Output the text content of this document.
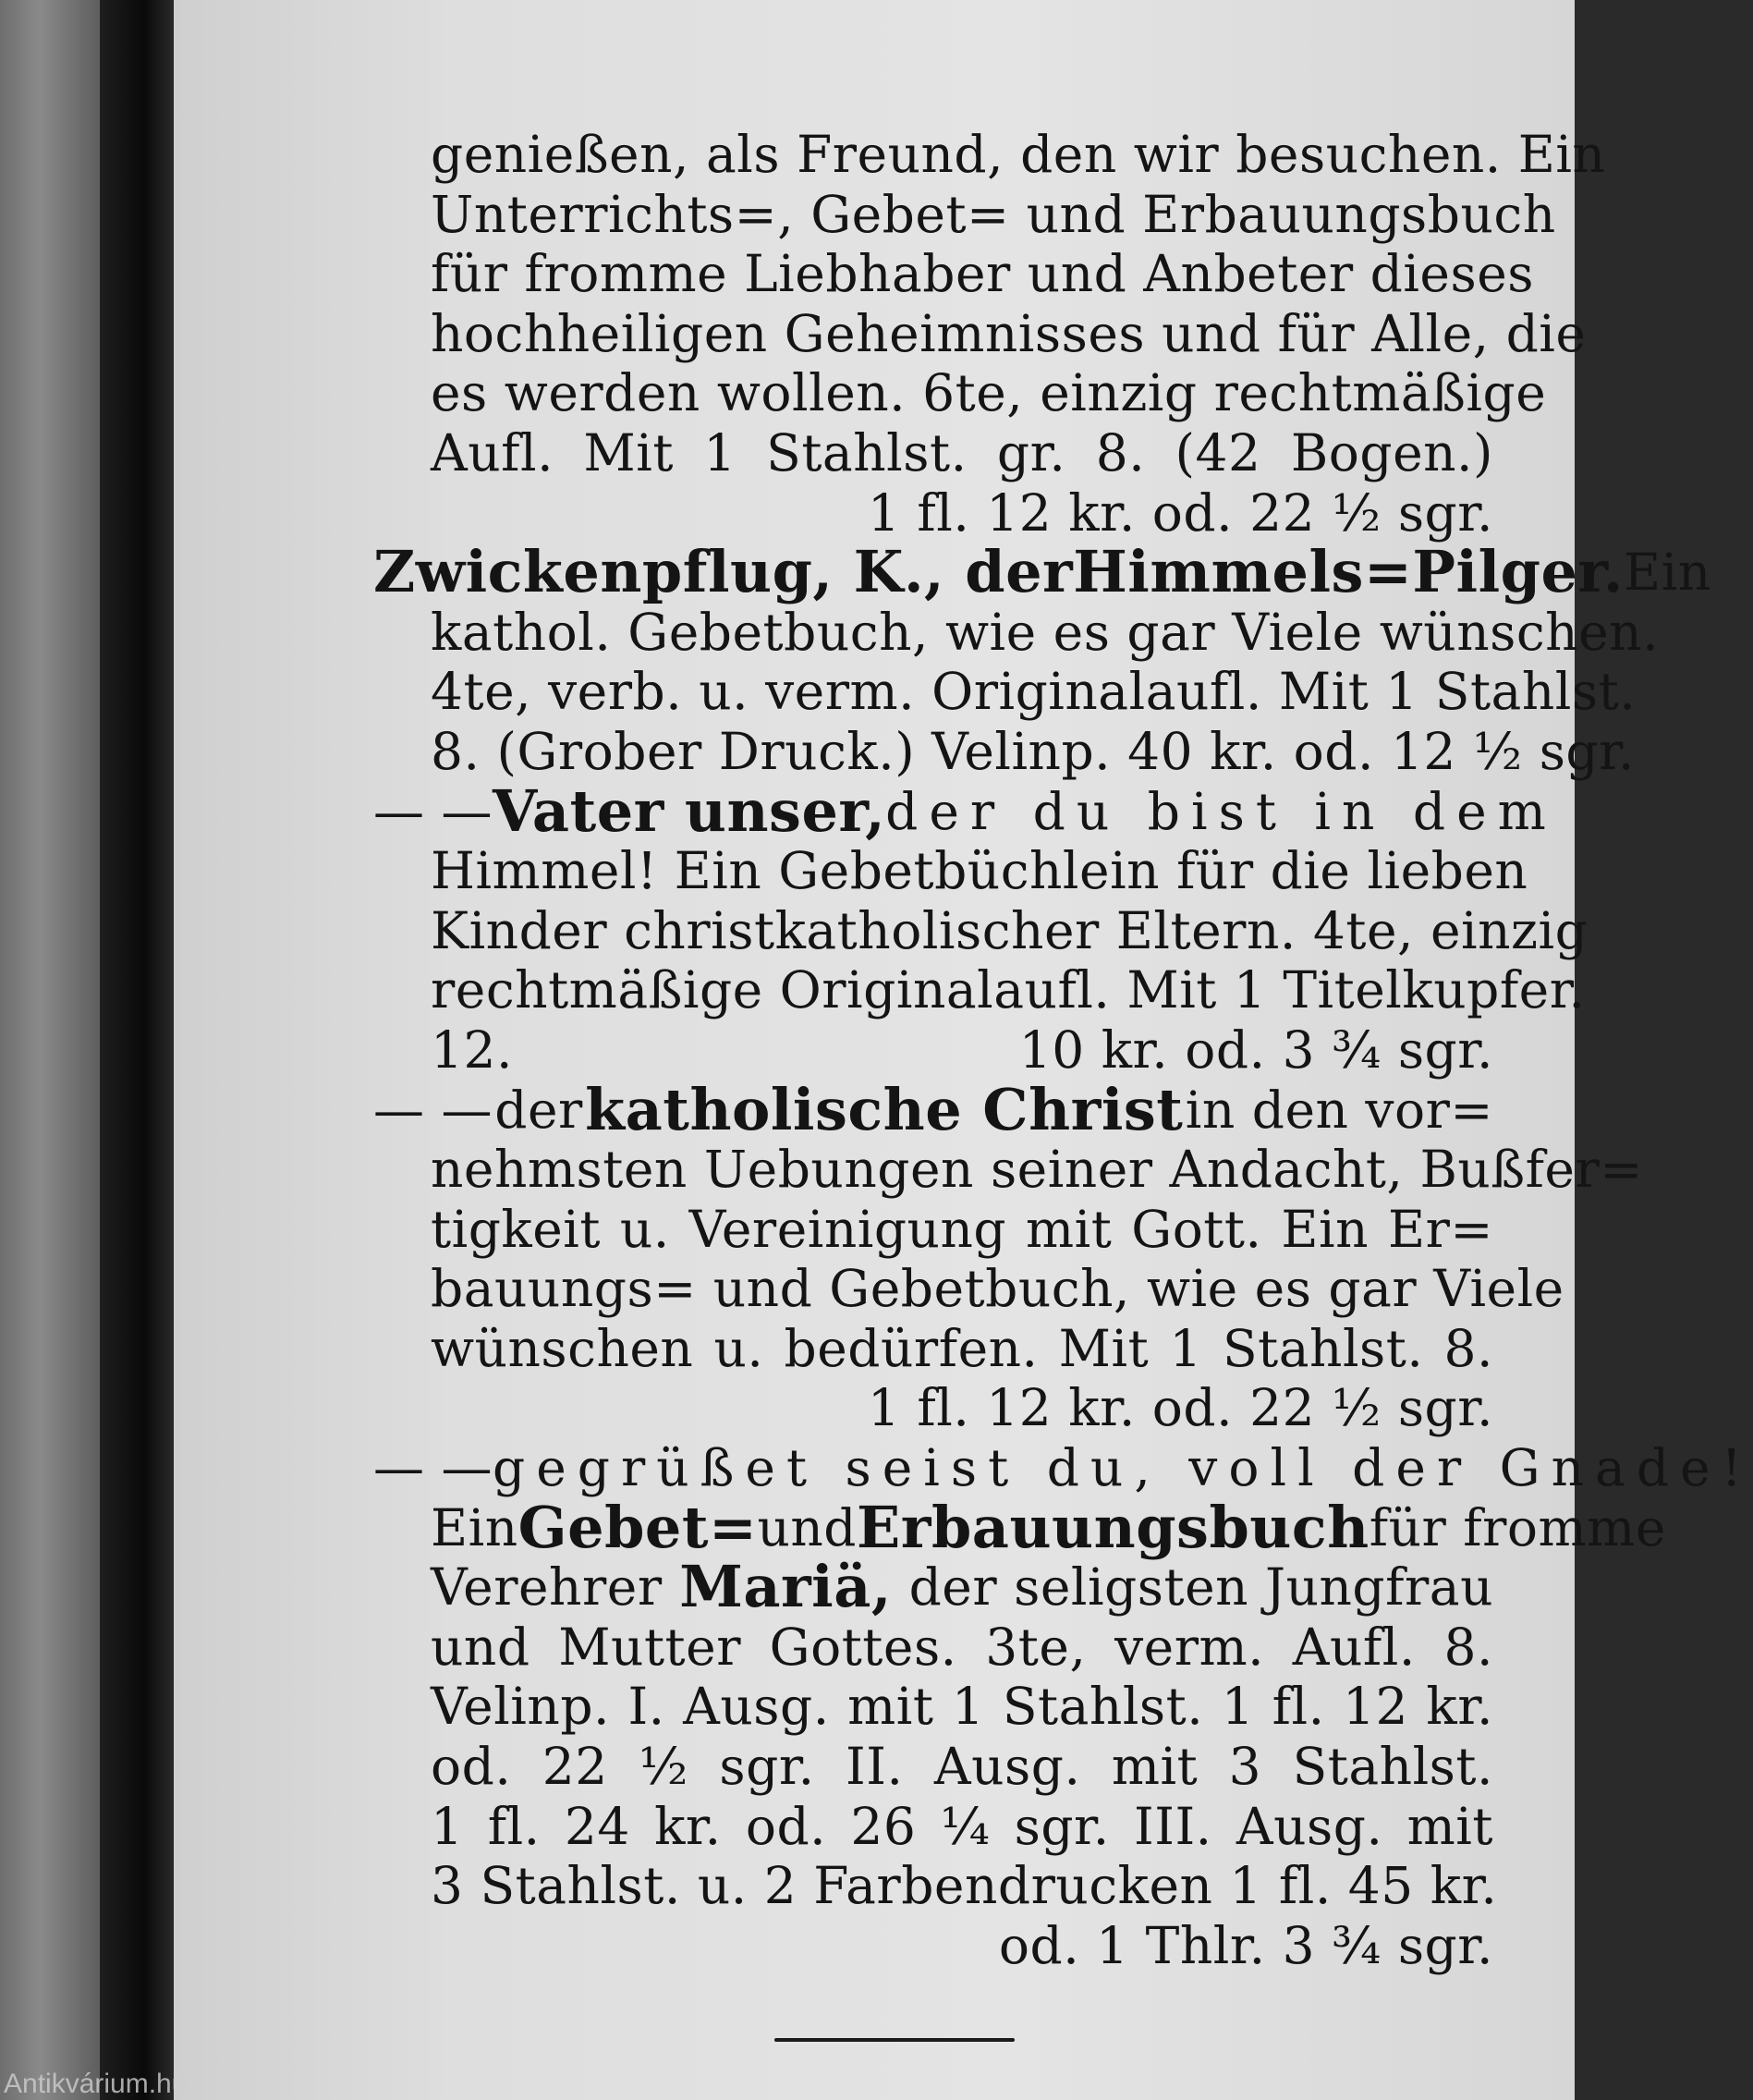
genießen, als Freund, den wir besuchen. Ein
Unterrichts=, Gebet= und Erbauungsbuch
für fromme Liebhaber und Anbeter dieses
hochheiligen Geheimnisses und für Alle, die
es werden wollen. 6te, einzig rechtmäßige
Aufl. Mit 1 Stahlst. gr. 8. (42 Bogen.)
1 fl. 12 kr. od. 22 ½ sgr.
Zwickenpflug, K., der Himmels=Pilger. Ein
kathol. Gebetbuch, wie es gar Viele wünschen.
4te, verb. u. verm. Originalaufl. Mit 1 Stahlst.
8. (Grober Druck.) Velinp. 40 kr. od. 12 ½ sgr.
— — Vater unser, der du bist in dem
Himmel! Ein Gebetbüchlein für die lieben
Kinder christkatholischer Eltern. 4te, einzig
rechtmäßige Originalaufl. Mit 1 Titelkupfer.
12.	10 kr. od. 3 ¾ sgr.
— — der katholische Christ in den vor=
nehmsten Uebungen seiner Andacht, Bußfer=
tigkeit u. Vereinigung mit Gott. Ein Er=
bauungs= und Gebetbuch, wie es gar Viele
wünschen u. bedürfen. Mit 1 Stahlst. 8.
1 fl. 12 kr. od. 22 ½ sgr.
— — gegrüßet seist du, voll der Gnade!
Ein Gebet= und Erbauungsbuch für fromme
Verehrer Mariä, der seligsten Jungfrau
und Mutter Gottes. 3te, verm. Aufl. 8.
Velinp. I. Ausg. mit 1 Stahlst. 1 fl. 12 kr.
od. 22 ½ sgr. II. Ausg. mit 3 Stahlst.
1 fl. 24 kr. od. 26 ¼ sgr. III. Ausg. mit
3 Stahlst. u. 2 Farbendrucken 1 fl. 45 kr.
od. 1 Thlr. 3 ¾ sgr.
Antikvárium.hu
